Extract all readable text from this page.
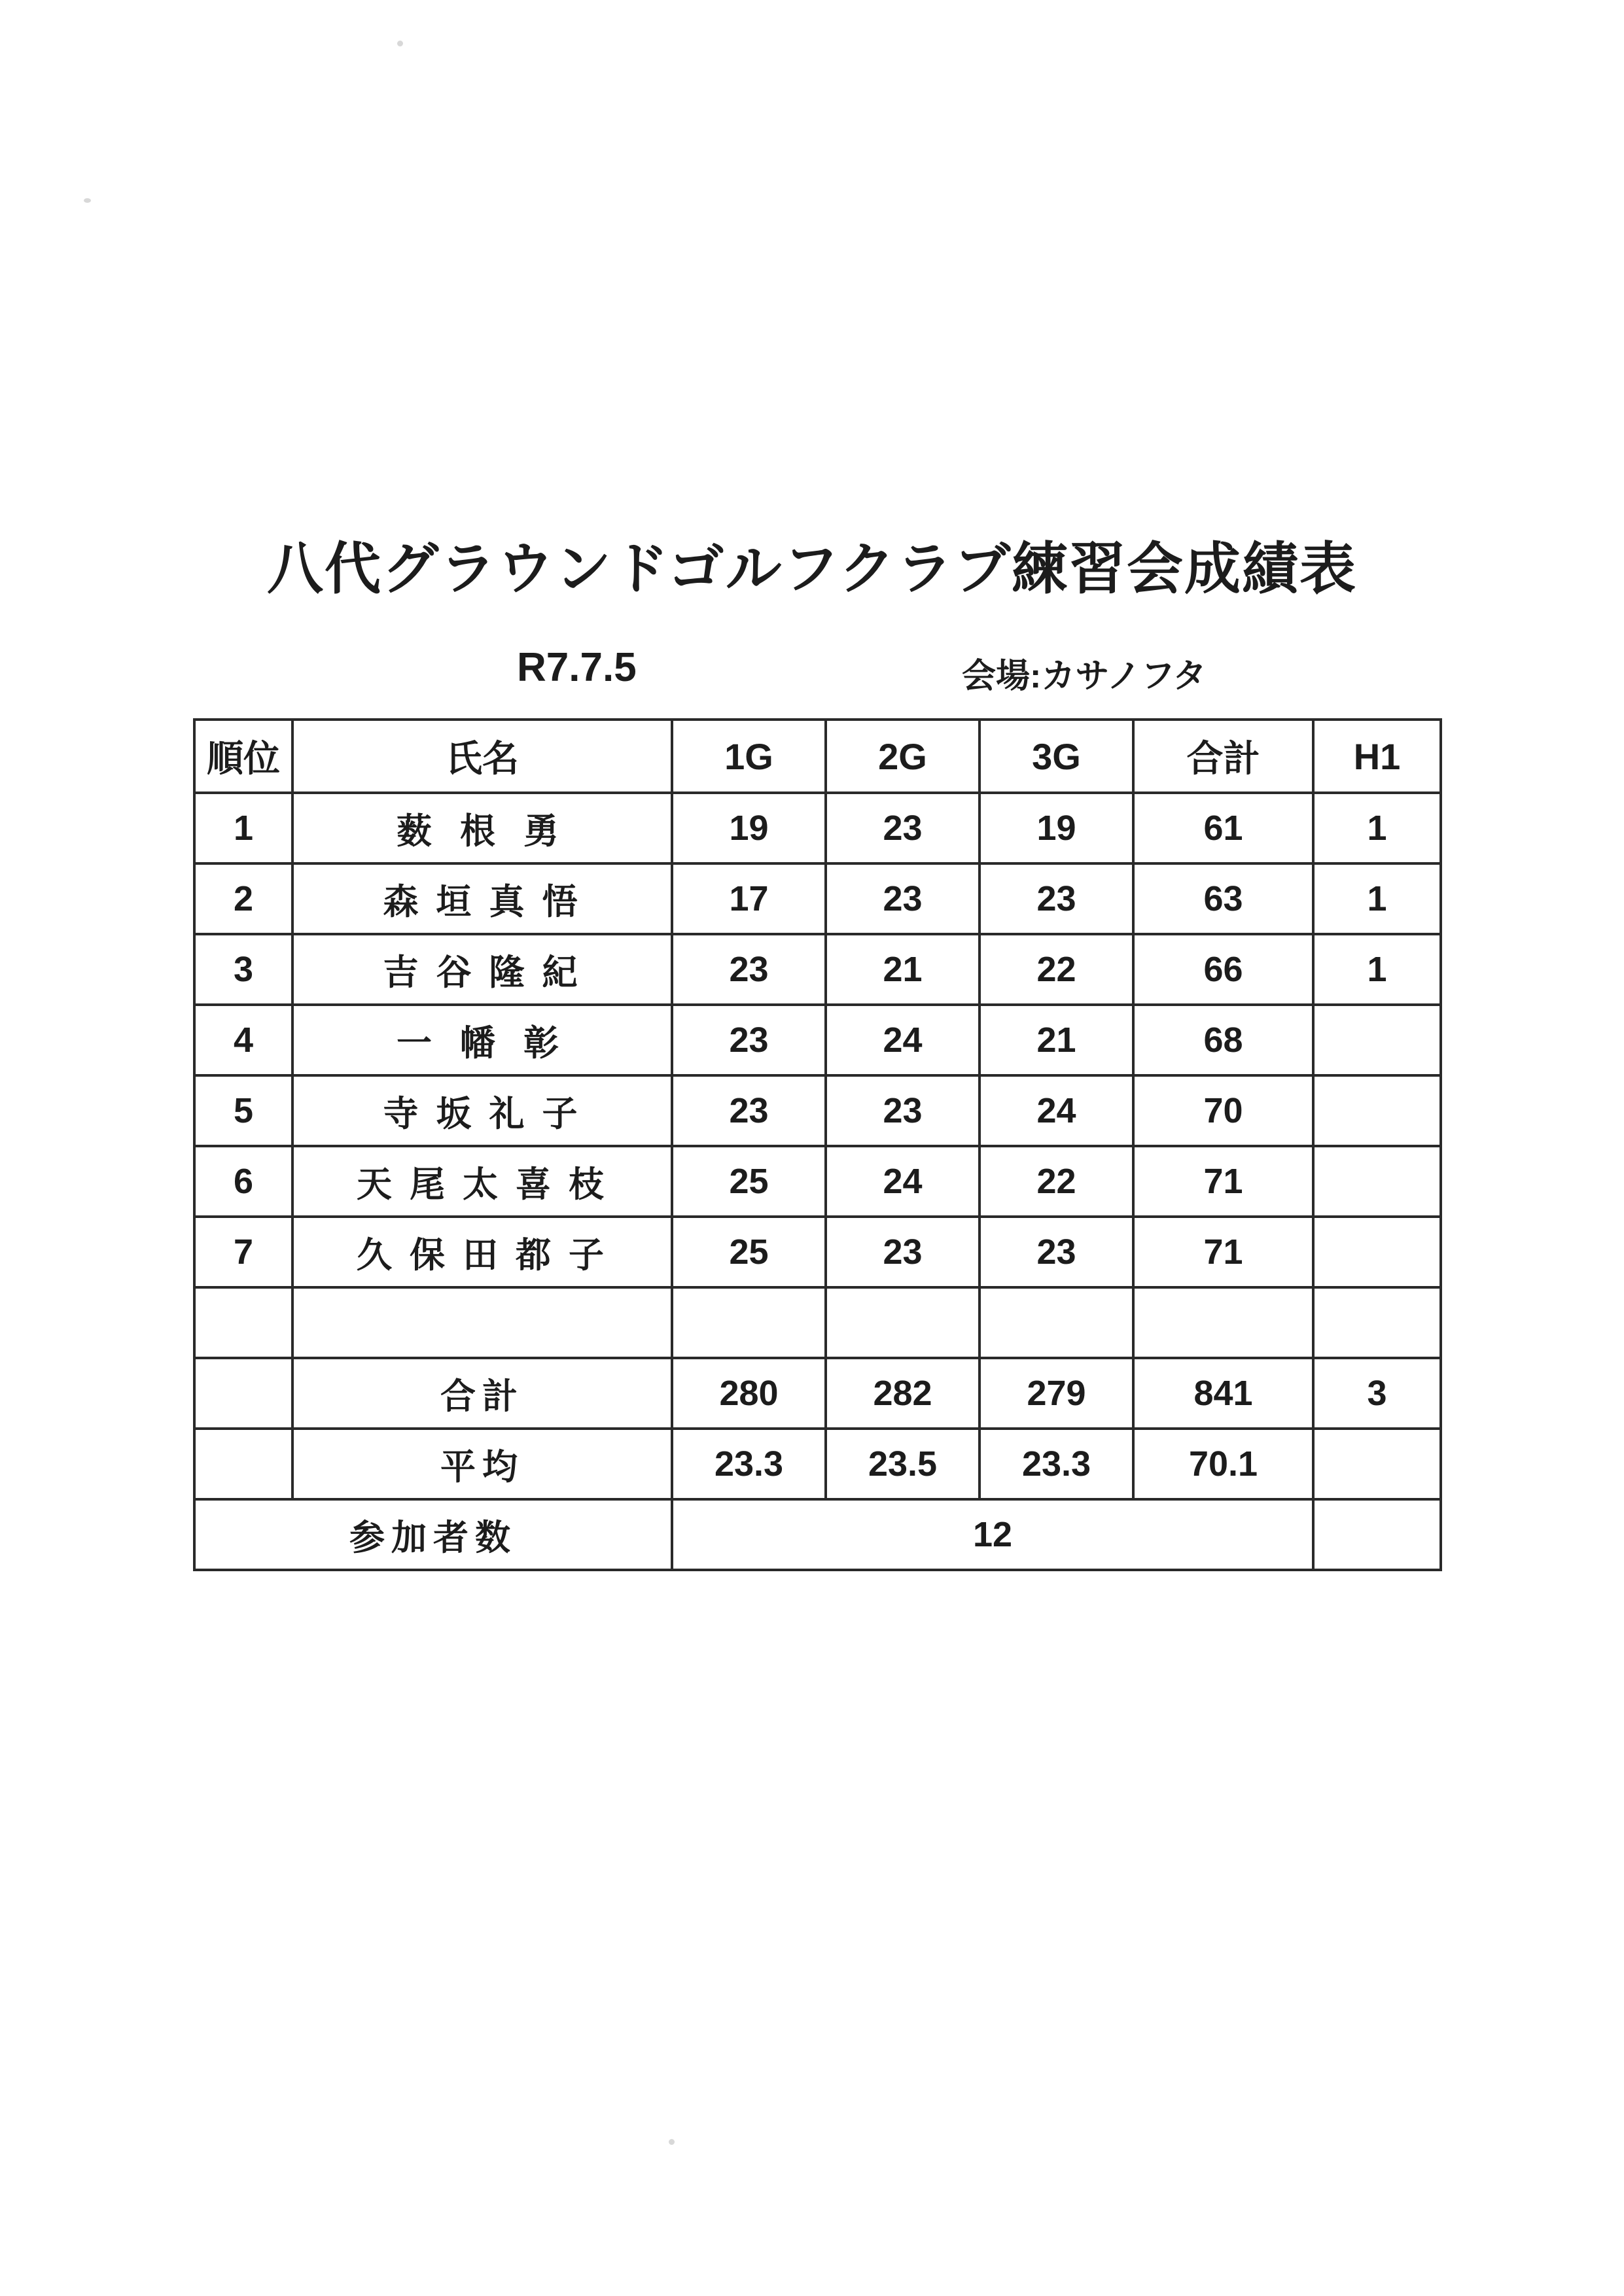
八代グラウンドゴルフクラブ練習会成績表
R7.7.5	会場:カサノフタ
順位	氏名	1G	2G	3G	合計	H1
1	薮 根 勇	19	23	19	61	1
2	森 垣 真 悟	17	23	23	63	1
3	吉 谷 隆 紀	23	21	22	66	1
4	一 幡 彰	23	24	21	68	
5	寺 坂 礼 子	23	23	24	70	
6	天 尾 太 喜 枝	25	24	22	71	
7	久 保 田 都 子	25	23	23	71	

	合計	280	282	279	841	3
	平均	23.3	23.5	23.3	70.1	
参加者数		12				
